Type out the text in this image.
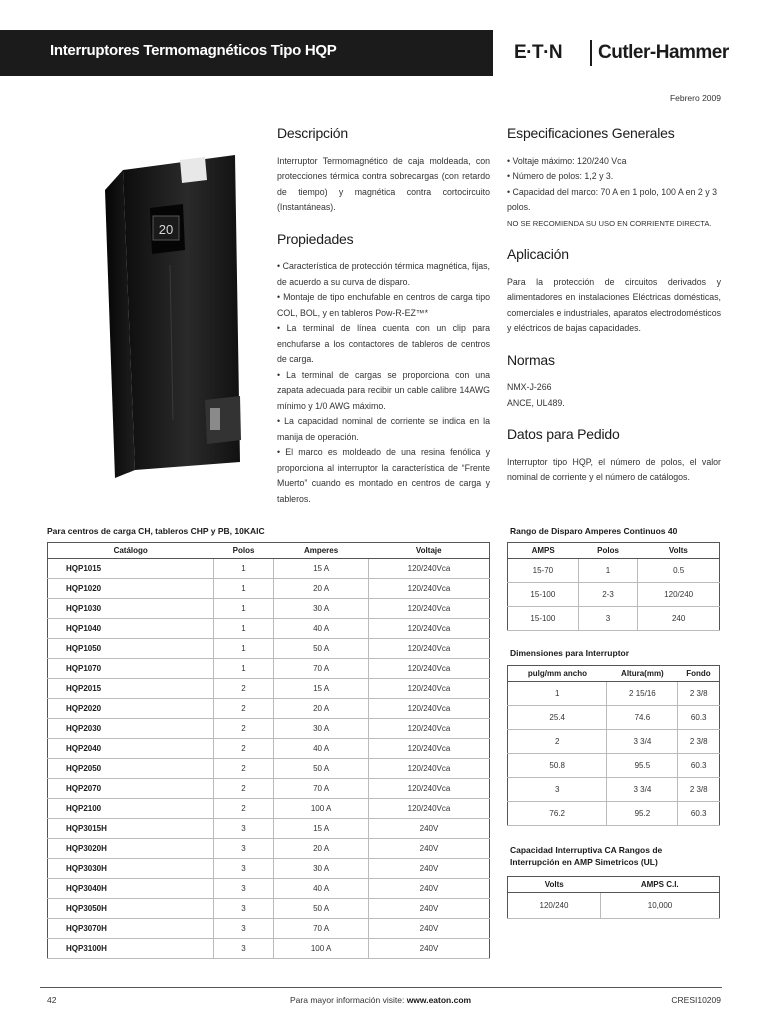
Interruptores Termomagnéticos Tipo HQP	E·T·N Cutler-Hammer
Febrero 2009
20
Descripción

Interruptor Termomagnético de caja moldeada, con protecciones térmica contra sobrecargas (con retardo de tiempo) y magnética contra cortocircuito (Instantáneas).

Propiedades

• Característica de protección térmica magnética, fijas, de acuerdo a su curva de disparo.

• Montaje de tipo enchufable en centros de carga tipo COL, BOL, y en tableros Pow-R-EZ™*

• La terminal de línea cuenta con un clip para enchufarse a los contactores de tableros de centros de carga.

• La terminal de cargas se proporciona con una zapata adecuada para recibir un cable calibre 14AWG mínimo y 1/0 AWG máximo.

• La capacidad nominal de corriente se indica en la manija de operación.

• El marco es moldeado de una resina fenólica y proporciona al interruptor la característica de “Frente Muerto” cuando es montado en centros de carga y tableros.

Especificaciones Generales

• Voltaje máximo: 120/240 Vca

• Número de polos: 1,2 y 3.

• Capacidad del marco: 70 A en 1 polo, 100 A en 2 y 3 polos.

NO SE RECOMIENDA SU USO EN CORRIENTE DIRECTA.

Aplicación

Para la protección de circuitos derivados y alimentadores en instalaciones Eléctricas domésticas, comerciales e industriales, aparatos electrodomésticos y eléctricos de bajas capacidades.

Normas

NMX-J-266

ANCE, UL489.

Datos para Pedido

Interruptor tipo HQP, el número de polos, el valor nominal de corriente y el número de catálogos.

Para centros de carga CH, tableros CHP y PB, 10KAIC
Catálogo	Polos	Amperes	Voltaje
HQP1015	1	15 A	120/240Vca
HQP1020	1	20 A	120/240Vca
HQP1030	1	30 A	120/240Vca
HQP1040	1	40 A	120/240Vca
HQP1050	1	50 A	120/240Vca
HQP1070	1	70 A	120/240Vca
HQP2015	2	15 A	120/240Vca
HQP2020	2	20 A	120/240Vca
HQP2030	2	30 A	120/240Vca
HQP2040	2	40 A	120/240Vca
HQP2050	2	50 A	120/240Vca
HQP2070	2	70 A	120/240Vca
HQP2100	2	100 A	120/240Vca
HQP3015H	3	15 A	240V
HQP3020H	3	20 A	240V
HQP3030H	3	30 A	240V
HQP3040H	3	40 A	240V
HQP3050H	3	50 A	240V
HQP3070H	3	70 A	240V
HQP3100H	3	100 A	240V
Rango de Disparo Amperes Continuos 40
AMPS	Polos	Volts
15-70	1	0.5
15-100	2-3	120/240
15-100	3	240
Dimensiones para Interruptor
pulg/mm ancho	Altura(mm)	Fondo
1	2 15/16	2 3/8
25.4	74.6	60.3
2	3 3/4	2 3/8
50.8	95.5	60.3
3	3 3/4	2 3/8
76.2	95.2	60.3
Capacidad Interruptiva CA Rangos de Interrupción en AMP Simetricos (UL)
Volts	AMPS C.I.
120/240	10,000
42	Para mayor información visite: www.eaton.com	CRESI10209
